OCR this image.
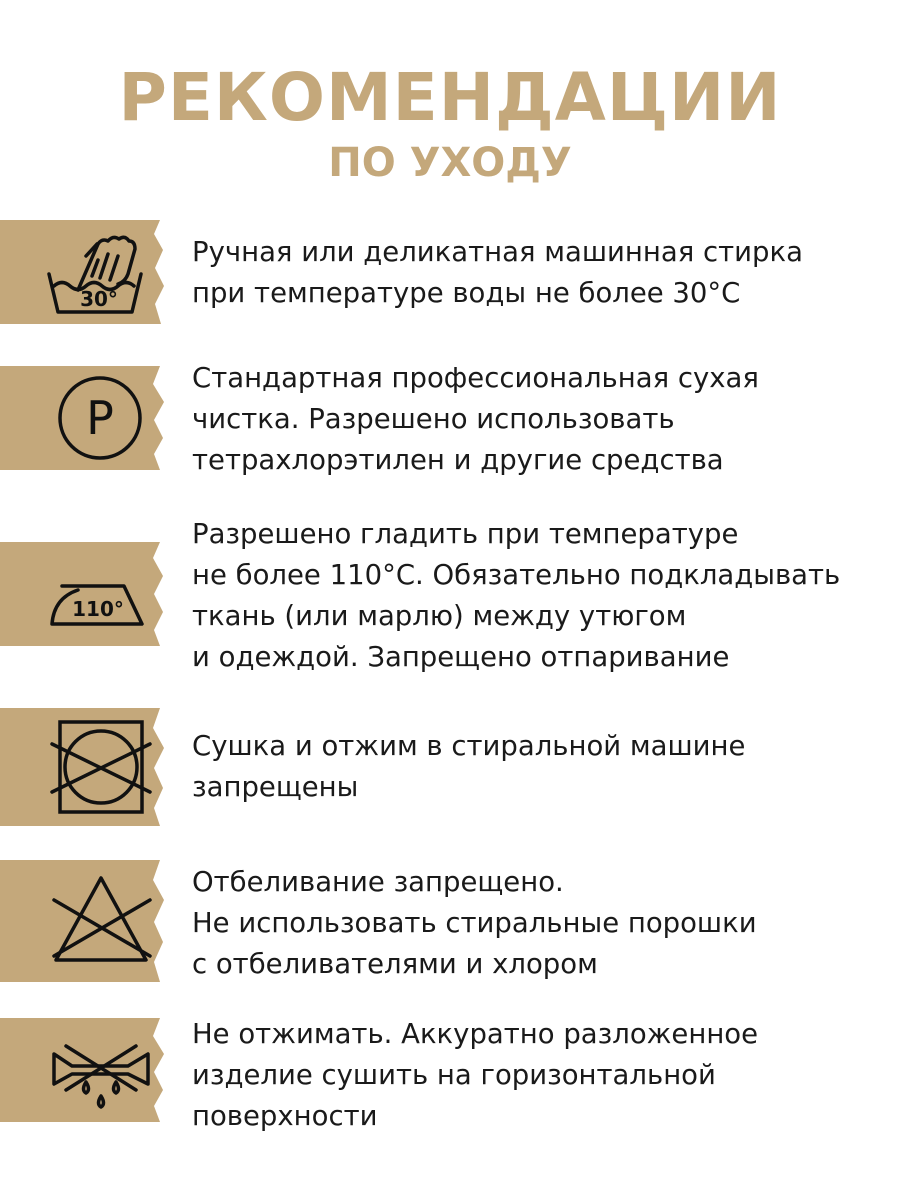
РЕКОМЕНДАЦИИ
ПО УХОДУ
30°
Ручная или деликатная машинная стирка
при температуре воды не более 30°С
P
Стандартная профессиональная сухая
чистка. Разрешено использовать
тетрахлорэтилен и другие средства
110°
Разрешено гладить при температуре
не более 110°С. Обязательно подкладывать
ткань (или марлю) между утюгом
и одеждой. Запрещено отпаривание
Сушка и отжим в стиральной машине
запрещены
Отбеливание запрещено.
Не использовать стиральные порошки
с отбеливателями и хлором
Не отжимать. Аккуратно разложенное
изделие сушить на горизонтальной
поверхности
